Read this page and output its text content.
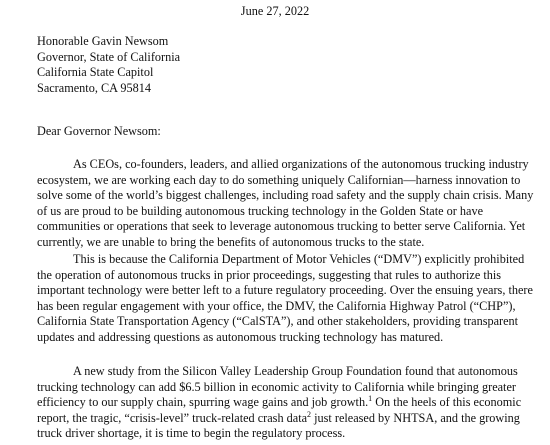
June 27, 2022
Honorable Gavin Newsom
Governor, State of California
California State Capitol
Sacramento, CA 95814
Dear Governor Newsom:
As CEOs, co-founders, leaders, and allied organizations of the autonomous trucking industry
ecosystem, we are working each day to do something uniquely Californian—harness innovation to
solve some of the world’s biggest challenges, including road safety and the supply chain crisis. Many
of us are proud to be building autonomous trucking technology in the Golden State or have
communities or operations that seek to leverage autonomous trucking to better serve California. Yet
currently, we are unable to bring the benefits of autonomous trucks to the state.
This is because the California Department of Motor Vehicles (“DMV”) explicitly prohibited
the operation of autonomous trucks in prior proceedings, suggesting that rules to authorize this
important technology were better left to a future regulatory proceeding. Over the ensuing years, there
has been regular engagement with your office, the DMV, the California Highway Patrol (“CHP”),
California State Transportation Agency (“CalSTA”), and other stakeholders, providing transparent
updates and addressing questions as autonomous trucking technology has matured.
A new study from the Silicon Valley Leadership Group Foundation found that autonomous
trucking technology can add $6.5 billion in economic activity to California while bringing greater
efficiency to our supply chain, spurring wage gains and job growth.$^1$ On the heels of this economic
report, the tragic, “crisis-level” truck-related crash data$^2$ just released by NHTSA, and the growing
truck driver shortage, it is time to begin the regulatory process.
